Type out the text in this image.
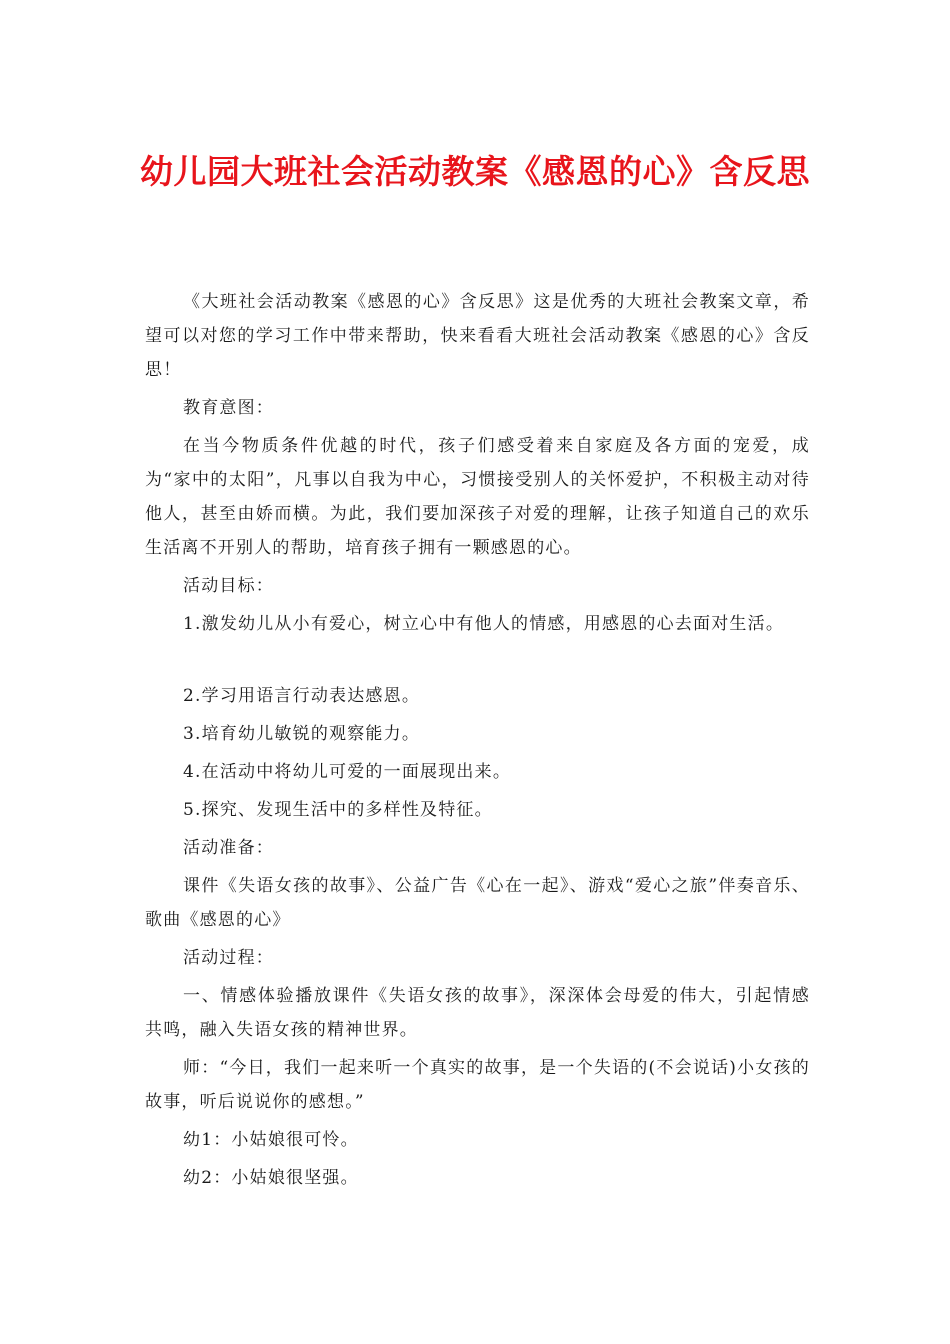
幼儿园大班社会活动教案《感恩的心》含反思

《大班社会活动教案《感恩的心》含反思》这是优秀的大班社会教案文章，希望可以对您的学习工作中带来帮助，快来看看大班社会活动教案《感恩的心》含反思！

教育意图：

在当今物质条件优越的时代，孩子们感受着来自家庭及各方面的宠爱，成为“家中的太阳”，凡事以自我为中心，习惯接受别人的关怀爱护，不积极主动对待他人，甚至由娇而横。为此，我们要加深孩子对爱的理解，让孩子知道自己的欢乐生活离不开别人的帮助，培育孩子拥有一颗感恩的心。

活动目标：

1.激发幼儿从小有爱心，树立心中有他人的情感，用感恩的心去面对生活。

2.学习用语言行动表达感恩。

3.培育幼儿敏锐的观察能力。

4.在活动中将幼儿可爱的一面展现出来。

5.探究、发现生活中的多样性及特征。

活动准备：

课件《失语女孩的故事》、公益广告《心在一起》、游戏“爱心之旅”伴奏音乐、歌曲《感恩的心》

活动过程：

一、情感体验播放课件《失语女孩的故事》，深深体会母爱的伟大，引起情感共鸣，融入失语女孩的精神世界。

师：“今日，我们一起来听一个真实的故事，是一个失语的(不会说话)小女孩的故事，听后说说你的感想。”

幼1：小姑娘很可怜。

幼2：小姑娘很坚强。
